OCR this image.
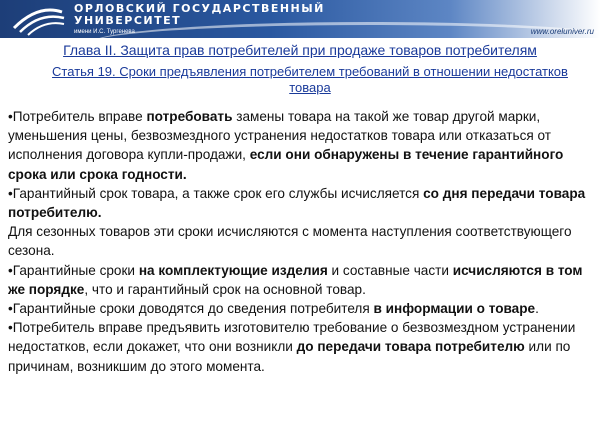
ОРЛОВСКИЙ ГОСУДАРСТВЕННЫЙ
УНИВЕРСИТЕТ
имени И.С. Тургенева	www.oreluniver.ru
Глава II. Защита прав потребителей при продаже товаров потребителям
Статья 19. Сроки предъявления потребителем требований в отношении недостатков
товара

•Потребитель вправе потребовать замены товара на такой же товар другой марки, уменьшения цены, безвозмездного устранения недостатков товара или отказаться от исполнения договора купли-продажи, если они обнаружены в течение гарантийного срока или срока годности.

•Гарантийный срок товара, а также срок его службы исчисляется со дня передачи товара потребителю.

Для сезонных товаров эти сроки исчисляются с момента наступления соответствующего сезона.

•Гарантийные сроки на комплектующие изделия и составные части исчисляются в том же порядке, что и гарантийный срок на основной товар.

•Гарантийные сроки доводятся до сведения потребителя в информации о товаре.

•Потребитель вправе предъявить изготовителю требование о безвозмездном устранении недостатков, если докажет, что они возникли до передачи товара потребителю или по причинам, возникшим до этого момента.
